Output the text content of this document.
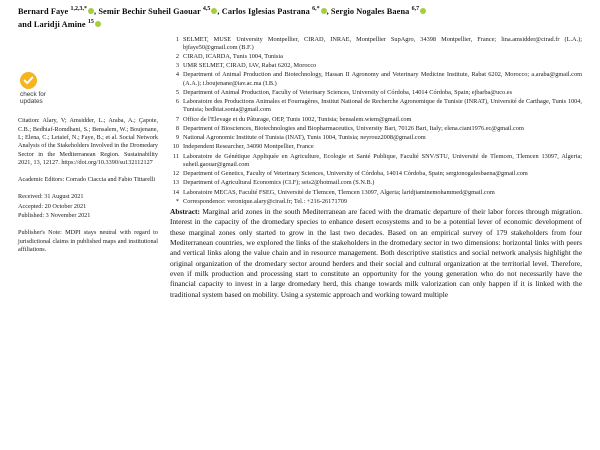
Bernard Faye $^{1,2,3,*}$ , Semir Bechir Suheil Gaouar $^{4,5}$ , Carlos Iglesias Pastrana $^{6,*}$ , Sergio Nogales Baena $^{6,7}$
and Laridji Amine $^{15}$
check for
updates
Citation: Alary, V; Amsidder, L.; Araba, A.; Çapote, C.B.; Bedhiaf-Romdhani, S.; Bensalem, W.; Boujenane, I.; Elena, C.; Letaief, N.; Faye, B.; et al. Social Network Analysis of the Stakeholders Involved in the Dromedary Sector in the Mediterranean Region. Sustainability 2021, 13, 12127. https://doi.org/10.3390/su132112127
Academic Editors: Corrado Ciaccia and Fabio Tittarelli
Received: 31 August 2021
Accepted: 20 October 2021
Published: 3 November 2021
Publisher's Note: MDPI stays neutral with regard to jurisdictional claims in published maps and institutional affiliations.
1 SELMET, MUSE University Montpellier, CIRAD, INRAE, Montpellier SupAgro, 34398 Montpellier, France; lina.amsidder@cirad.fr (L.A.); bjfaye50@gmail.com (B.F.)
2 CIRAD, ICARDA, Tunis 1004, Tunisia
3 UMR SELMET, CIRAD, IAV, Rabat 6202, Morocco
4 Department of Animal Production and Biotechnology, Hassan II Agronomy and Veterinary Medicine Institute, Rabat 6202, Morocco; a.araba@gmail.com (A.A.); i.boujenane@iav.ac.ma (I.B.)
5 Department of Animal Production, Faculty of Veterinary Sciences, University of Córdoba, 14014 Córdoba, Spain; ejbarba@uco.es
6 Laboratoire des Productions Animales et Fourragères, Institut National de Recherche Agronomique de Tunisie (INRAT), Université de Carthage, Tunis 1004, Tunisia; bedhiat.sonia@gmail.com
7 Office de l'Elevage et du Pâturage, OEP, Tunis 1002, Tunisia; bensalem.wiem@gmail.com
8 Department of Biosciences, Biotechnologies and Biopharmaceutics, University Bari, 70126 Bari, Italy; elena.ciani1976.ec@gmail.com
9 National Agronomic Institute of Tunisia (INAT), Tunis 1004, Tunisia; neyrouz2008@gmail.com
10 Independent Researcher, 34090 Montpellier, France
11 Laboratoire de Génétique Appliquée en Agriculture, Ecologie et Santé Publique, Faculté SNV/STU, Université de Tlemcen, Tlemcen 13097, Algeria; suheil.gaouar@gmail.com
12 Department of Genetics, Faculty of Veterinary Sciences, University of Córdoba, 14014 Córdoba, Spain; sergionogalesbaena@gmail.com
13 Department of Agricultural Economics (CI.F); seis2@hotmail.com (S.N.B.)
14 Laboratoire MECAS, Faculté FSEG, Université de Tlemcen, Tlemcen 13097, Algeria; laridjiaminemohammed@gmail.com
* Correspondence: veronique.alary@cirad.fr; Tel.: +216-26171709

Abstract: Marginal arid zones in the south Mediterranean are faced with the dramatic departure of their labor forces through migration. Interest in the capacity of the dromedary species to enhance desert ecosystems and to be a potential lever of economic development of these marginal zones only started to grow in the last two decades. Based on an empirical survey of 179 stakeholders from four Mediterranean countries, we explored the links of the stakeholders in the dromedary sector in two dimensions: horizontal links with peers and vertical links along the value chain and in resource management. Both descriptive statistics and social network analysis highlight the original organization of the dromedary sector around herders and their social and cultural organization at the territorial level. Therefore, even if milk production and processing start to constitute an opportunity for the young generation who do not necessarily have the financial capacity to invest in a large dromedary herd, this change towards milk valorization can only happen if it is linked with the traditional system based on mobility. Using a systemic approach and working toward multiple
